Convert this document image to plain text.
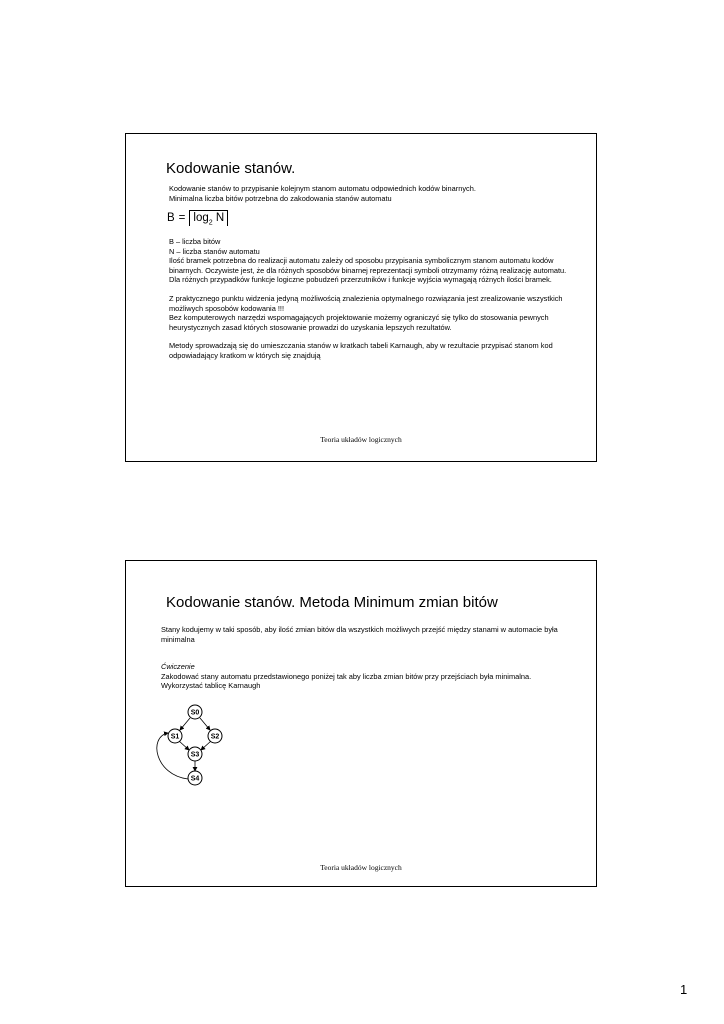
Kodowanie stanów.

Kodowanie stanów to przypisanie kolejnym stanom automatu odpowiednich kodów binarnych.

Minimalna liczba bitów potrzebna do zakodowania stanów automatu

$B = \log_2 N$

B – liczba bitów

N – liczba stanów automatu

Ilość bramek potrzebna do realizacji automatu zależy od sposobu przypisania symbolicznym stanom automatu kodów binarnych. Oczywiste jest, że dla różnych sposobów binarnej reprezentacji symboli otrzymamy różną realizację automatu. Dla różnych przypadków funkcje logiczne pobudzeń przerzutników i funkcje wyjścia wymagają różnych ilości bramek.

Z praktycznego punktu widzenia jedyną możliwością znalezienia optymalnego rozwiązania jest zrealizowanie wszystkich możliwych sposobów kodowania !!!

Bez komputerowych narzędzi wspomagających projektowanie możemy ograniczyć się tylko do stosowania pewnych heurystycznych zasad których stosowanie prowadzi do uzyskania lepszych rezultatów.

Metody sprowadzają się do umieszczania stanów w kratkach tabeli Karnaugh, aby w rezultacie przypisać stanom kod odpowiadający kratkom w których się znajdują

Teoria układów logicznych
Kodowanie stanów. Metoda Minimum zmian bitów
Stany kodujemy w taki sposób, aby ilość zmian bitów dla wszystkich możliwych przejść między stanami w automacie była minimalna

Ćwiczenie

Zakodować stany automatu przedstawionego poniżej tak aby liczba zmian bitów przy przejściach była minimalna. Wykorzystać tablicę Karnaugh

S0
S1	S2
S3
S4
Teoria układów logicznych
1
